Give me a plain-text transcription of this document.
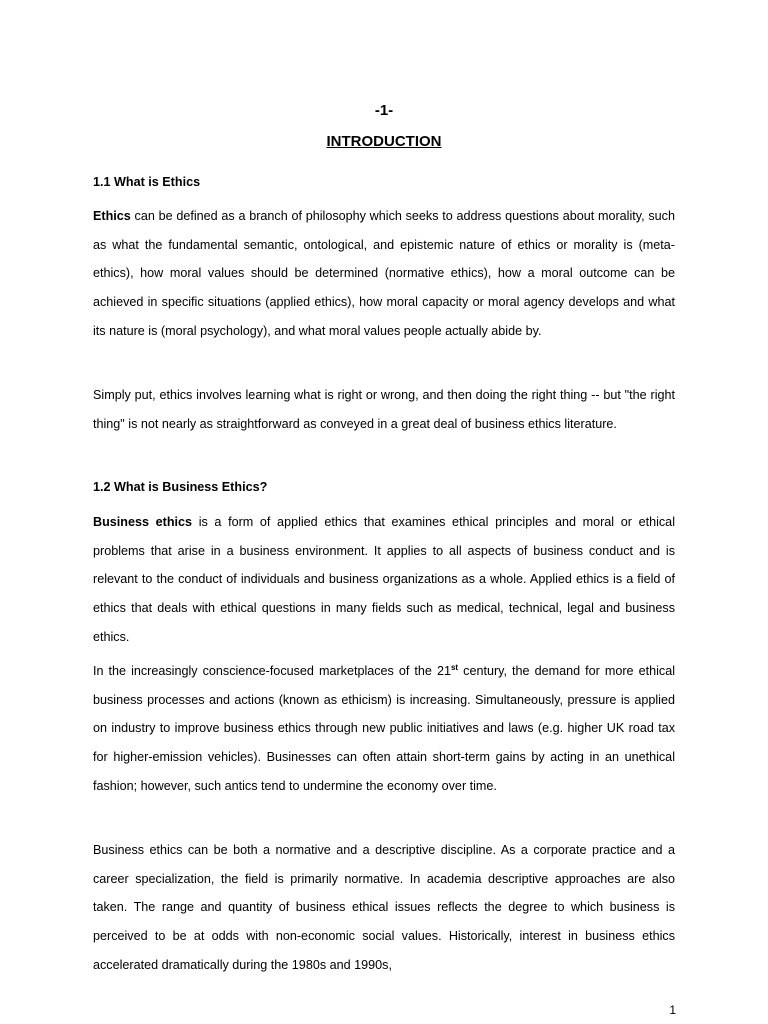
-1-
INTRODUCTION
1.1 What is Ethics

Ethics can be defined as a branch of philosophy which seeks to address questions about morality, such as what the fundamental semantic, ontological, and epistemic nature of ethics or morality is (meta-ethics), how moral values should be determined (normative ethics), how a moral outcome can be achieved in specific situations (applied ethics), how moral capacity or moral agency develops and what its nature is (moral psychology), and what moral values people actually abide by.

Simply put, ethics involves learning what is right or wrong, and then doing the right thing -- but "the right thing" is not nearly as straightforward as conveyed in a great deal of business ethics literature.

1.2 What is Business Ethics?

Business ethics is a form of applied ethics that examines ethical principles and moral or ethical problems that arise in a business environment. It applies to all aspects of business conduct and is relevant to the conduct of individuals and business organizations as a whole. Applied ethics is a field of ethics that deals with ethical questions in many fields such as medical, technical, legal and business ethics.

In the increasingly conscience-focused marketplaces of the 21st century, the demand for more ethical business processes and actions (known as ethicism) is increasing. Simultaneously, pressure is applied on industry to improve business ethics through new public initiatives and laws (e.g. higher UK road tax for higher-emission vehicles). Businesses can often attain short-term gains by acting in an unethical fashion; however, such antics tend to undermine the economy over time.

Business ethics can be both a normative and a descriptive discipline. As a corporate practice and a career specialization, the field is primarily normative. In academia descriptive approaches are also taken. The range and quantity of business ethical issues reflects the degree to which business is perceived to be at odds with non-economic social values. Historically, interest in business ethics accelerated dramatically during the 1980s and 1990s,

1
